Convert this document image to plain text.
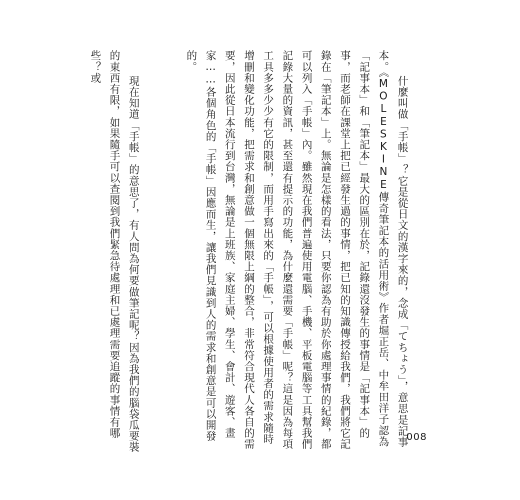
什麼叫做「手帳」？它是從日文的漢字來的，念成「てちょう」，意思是記事本。《MOLESKINE傳奇筆記本的活用術》作者堀正岳、中牟田洋子認為「記事本」和「筆記本」最大的區別在於，記錄還沒發生的事情是「記事本」的事，而老師在課堂上把已經發生過的事情，把已知的知識傳授給我們，我們將它記錄在「筆記本」上。無論是怎樣的看法，只要你認為有助於你處理事情的紀錄，都可以列入「手帳」內。雖然現在我們普遍使用電腦、手機、平板電腦等工具幫我們記錄大量的資訊，甚至還有提示的功能，為什麼還需要「手帳」呢？這是因為每項工具多多少少有它的限制，而用手寫出來的「手帳」，可以根據使用者的需求隨時增刪和變化功能，把需求和創意做一個無限上綱的整合，非常符合現代人各自的需要，因此從日本流行到台灣，無論是上班族、家庭主婦、學生、會計、遊客、畫家……各個角色的「手帳」因應而生，讓我們見識到人的需求和創意是可以開發的。

現在知道「手帳」的意思了，有人問為何要做筆記呢？因為我們的腦袋瓜要裝的東西有限，如果隨手可以查閱到我們緊急待處理和已處理需要追蹤的事情有哪些？或

008
